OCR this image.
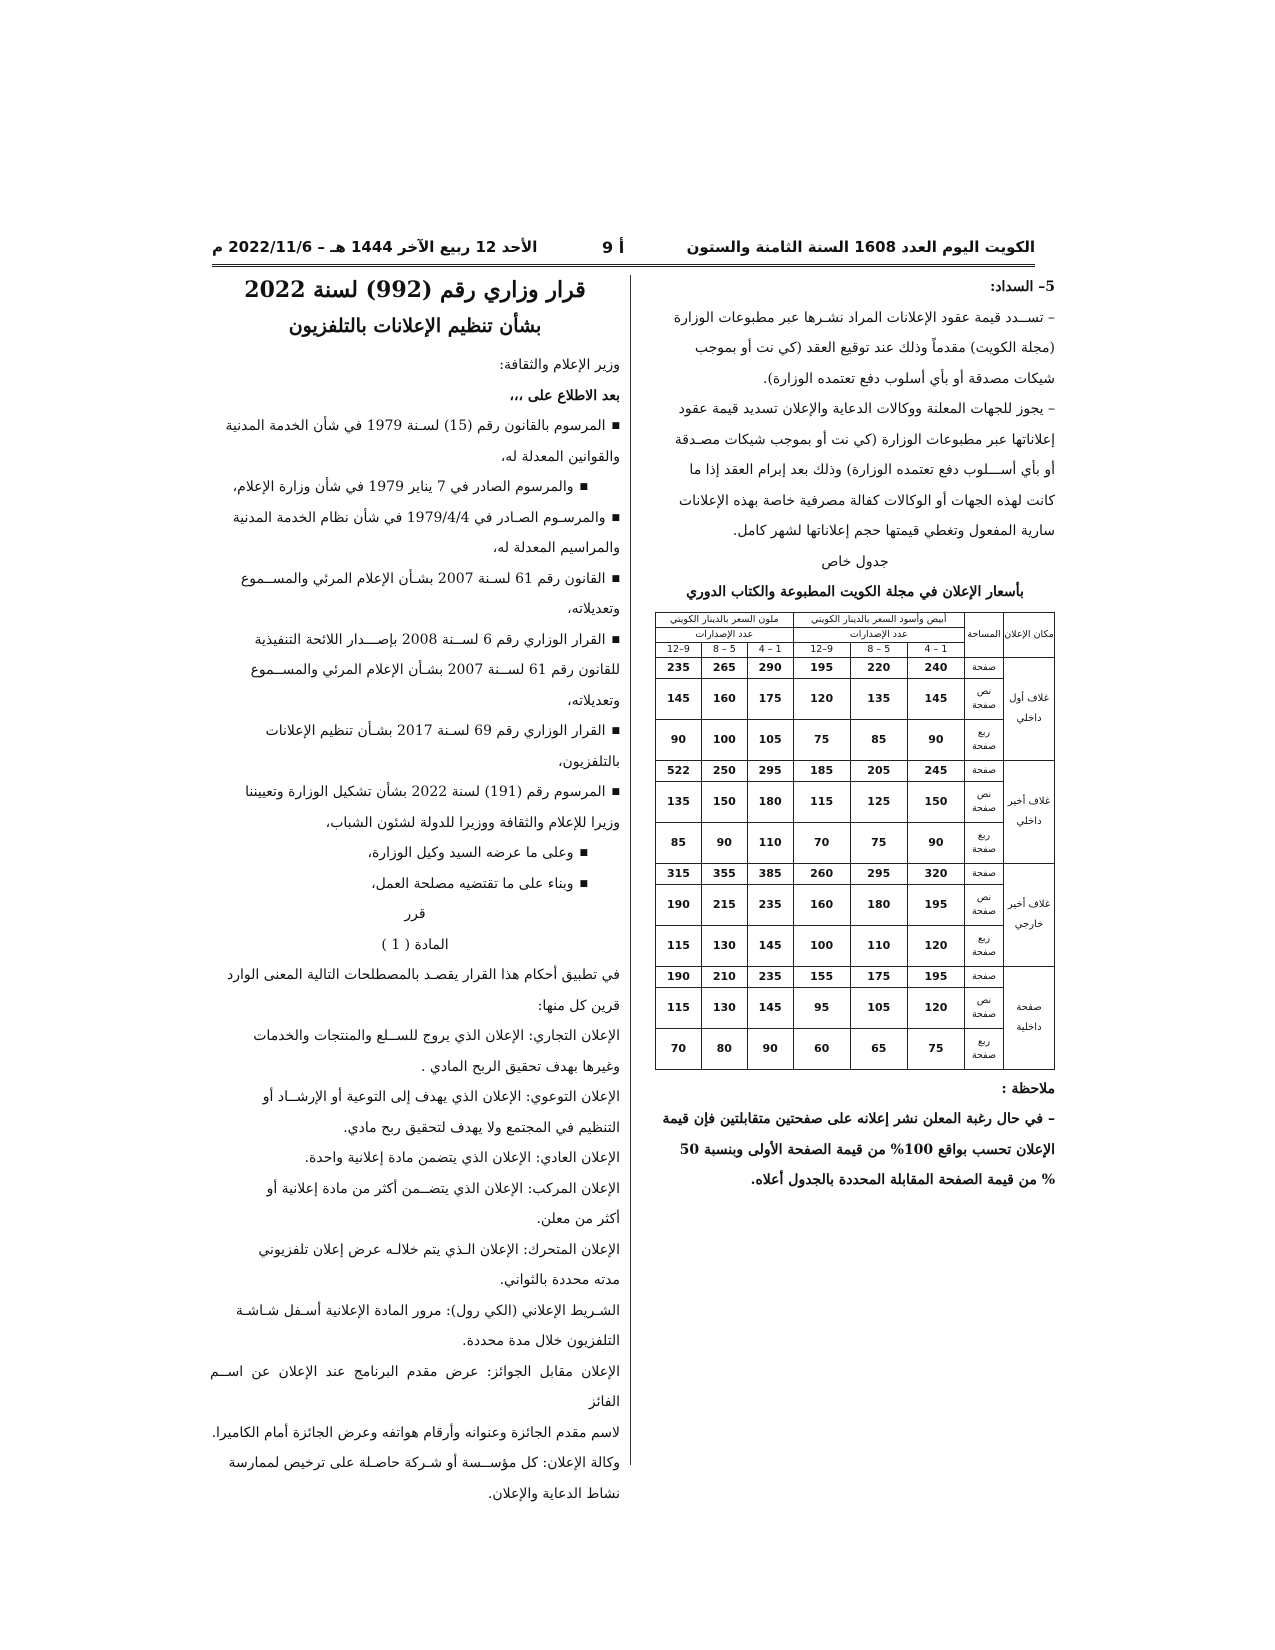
الكويت اليوم العدد 1608 السنة الثامنة والستون
أ 9
الأحد 12 ربيع الآخر 1444 هـ – 2022/11/6 م

5– السداد:

– تســدد قيمة عقود الإعلانات المراد نشـرها عبر مطبوعات الوزارة

(مجلة الكويت) مقدماً وذلك عند توقيع العقد (كي نت أو بموجب

شيكات مصدقة أو بأي أسلوب دفع تعتمده الوزارة).

– يجوز للجهات المعلنة ووكالات الدعاية والإعلان تسديد قيمة عقود

إعلاناتها عبر مطبوعات الوزارة (كي نت أو بموجب شيكات مصـدقة

أو بأي أســـلوب دفع تعتمده الوزارة) وذلك بعد إبرام العقد إذا ما

كانت لهذه الجهات أو الوكالات كفالة مصرفية خاصة بهذه الإعلانات

سارية المفعول وتغطي قيمتها حجم إعلاناتها لشهر كامل.

جدول خاص

بأسعار الإعلان في مجلة الكويت المطبوعة والكتاب الدوري

مكان الإعلان	المساحة	أبيض وأسود السعر بالدينار الكويتي			ملون السعر بالدينار الكويتي		
		عدد الإصدارات			عدد الإصدارات		
		1 – 4	5 – 8	9–12	1 – 4	5 – 8	9–12
غلاف أول داخلي	صفحة	240	220	195	290	265	235
	نص صفحة	145	135	120	175	160	145
	ربع صفحة	90	85	75	105	100	90
غلاف أخير داخلي	صفحة	245	205	185	295	250	522
	نص صفحة	150	125	115	180	150	135
	ربع صفحة	90	75	70	110	90	85
غلاف أخير خارجي	صفحة	320	295	260	385	355	315
	نص صفحة	195	180	160	235	215	190
	ربع صفحة	120	110	100	145	130	115
صفحة داخلية	صفحة	195	175	155	235	210	190
	نص صفحة	120	105	95	145	130	115
	ربع صفحة	75	65	60	90	80	70

ملاحظة :

– في حال رغبة المعلن نشر إعلانه على صفحتين متقابلتين فإن قيمة

الإعلان تحسب بواقع 100% من قيمة الصفحة الأولى وبنسبة 50

% من قيمة الصفحة المقابلة المحددة بالجدول أعلاه.

قرار وزاري رقم (992) لسنة 2022

بشأن تنظيم الإعلانات بالتلفزيون

وزير الإعلام والثقافة:

بعد الاطلاع على ،،،

■ المرسوم بالقانون رقم (15) لسـنة 1979 في شأن الخدمة المدنية

والقوانين المعدلة له،

■ والمرسوم الصادر في 7 يناير 1979 في شأن وزارة الإعلام،

■ والمرسـوم الصـادر في 1979/4/4 في شأن نظام الخدمة المدنية

والمراسيم المعدلة له،

■ القانون رقم 61 لسـنة 2007 بشـأن الإعلام المرئي والمســموع

وتعديلاته،

■ القرار الوزاري رقم 6 لســنة 2008 بإصـــدار اللائحة التنفيذية

للقانون رقم 61 لســنة 2007 بشـأن الإعلام المرئي والمســموع

وتعديلاته،

■ القرار الوزاري رقم 69 لسـنة 2017 بشـأن تنظيم الإعلانات

بالتلفزيون،

■ المرسوم رقم (191) لسنة 2022 بشأن تشكيل الوزارة وتعييننا

وزيرا للإعلام والثقافة ووزيرا للدولة لشئون الشباب،

■ وعلى ما عرضه السيد وكيل الوزارة،

■ وبناء على ما تقتضيه مصلحة العمل،

قرر

المادة ( 1 )

في تطبيق أحكام هذا القرار يقصـد بالمصطلحات التالية المعنى الوارد

قرين كل منها:

الإعلان التجاري: الإعلان الذي يروج للســلع والمنتجات والخدمات

وغيرها بهدف تحقيق الربح المادي .

الإعلان التوعوي: الإعلان الذي يهدف إلى التوعية أو الإرشــاد أو

التنظيم في المجتمع ولا يهدف لتحقيق ربح مادي.

الإعلان العادي: الإعلان الذي يتضمن مادة إعلانية واحدة.

الإعلان المركب: الإعلان الذي يتضــمن أكثر من مادة إعلانية أو

أكثر من معلن.

الإعلان المتحرك: الإعلان الـذي يتم خلالـه عرض إعلان تلفزيوني

مدته محددة بالثواني.

الشـريط الإعلاني (الكي رول): مرور المادة الإعلانية أسـفل شـاشـة

التلفزيون خلال مدة محددة.

الإعلان مقابل الجوائز: عرض مقدم البرنامج عند الإعلان عن اســم الفائز

لاسم مقدم الجائزة وعنوانه وأرقام هواتفه وعرض الجائزة أمام الكاميرا.

وكالة الإعلان: كل مؤســسة أو شـركة حاصـلة على ترخيص لممارسة

نشاط الدعاية والإعلان.
